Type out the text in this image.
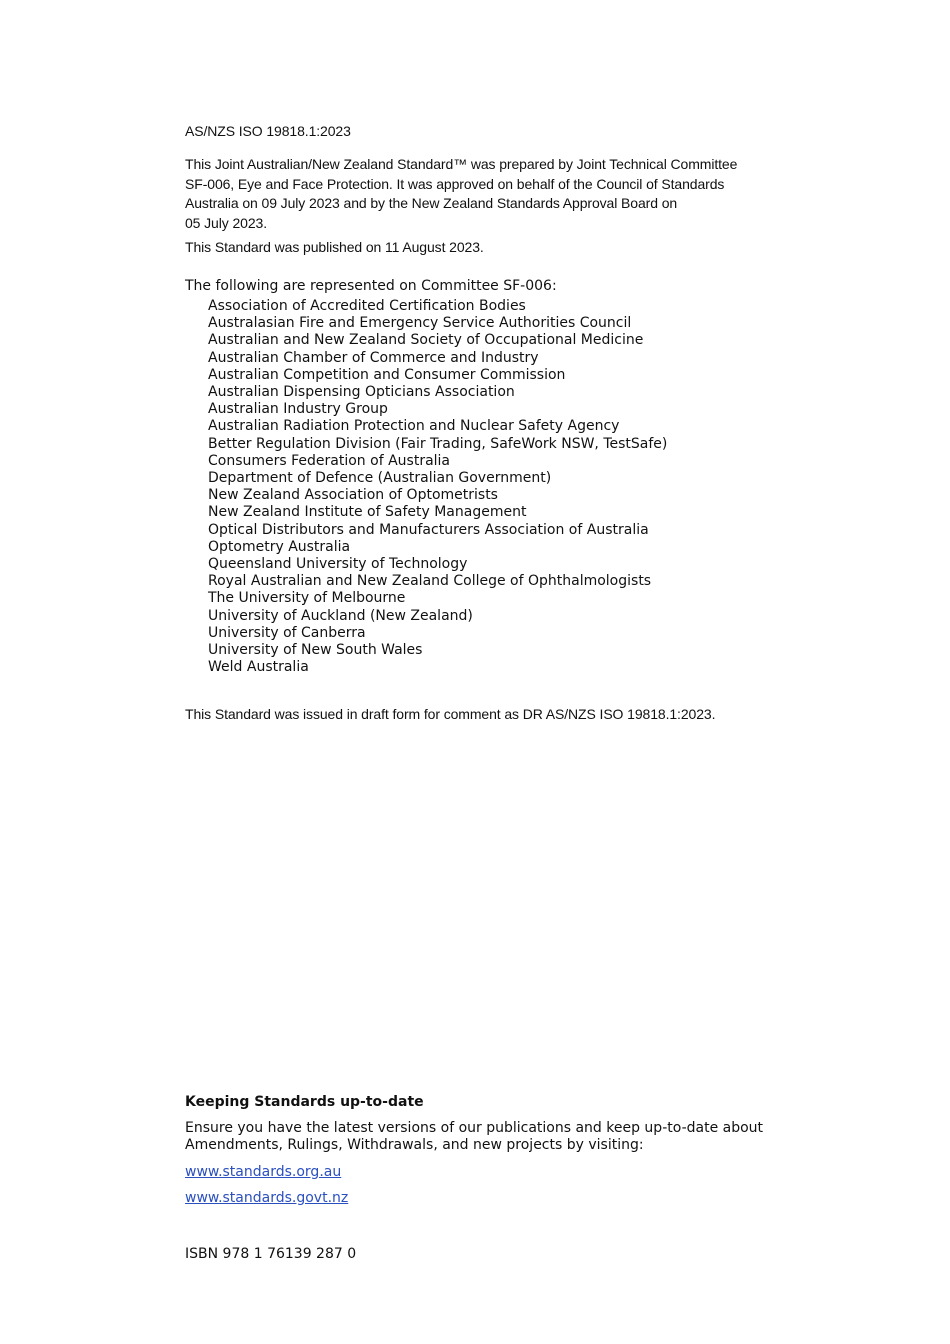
AS/NZS ISO 19818.1:2023
This Joint Australian/New Zealand Standard™ was prepared by Joint Technical Committee
SF-006, Eye and Face Protection. It was approved on behalf of the Council of Standards
Australia on 09 July 2023 and by the New Zealand Standards Approval Board on
05 July 2023.
This Standard was published on 11 August 2023.
The following are represented on Committee SF-006:
Association of Accredited Certification Bodies
Australasian Fire and Emergency Service Authorities Council
Australian and New Zealand Society of Occupational Medicine
Australian Chamber of Commerce and Industry
Australian Competition and Consumer Commission
Australian Dispensing Opticians Association
Australian Industry Group
Australian Radiation Protection and Nuclear Safety Agency
Better Regulation Division (Fair Trading, SafeWork NSW, TestSafe)
Consumers Federation of Australia
Department of Defence (Australian Government)
New Zealand Association of Optometrists
New Zealand Institute of Safety Management
Optical Distributors and Manufacturers Association of Australia
Optometry Australia
Queensland University of Technology
Royal Australian and New Zealand College of Ophthalmologists
The University of Melbourne
University of Auckland (New Zealand)
University of Canberra
University of New South Wales
Weld Australia
This Standard was issued in draft form for comment as DR AS/NZS ISO 19818.1:2023.
Keeping Standards up-to-date
Ensure you have the latest versions of our publications and keep up-to-date about
Amendments, Rulings, Withdrawals, and new projects by visiting:
www.standards.org.au
www.standards.govt.nz
ISBN 978 1 76139 287 0
